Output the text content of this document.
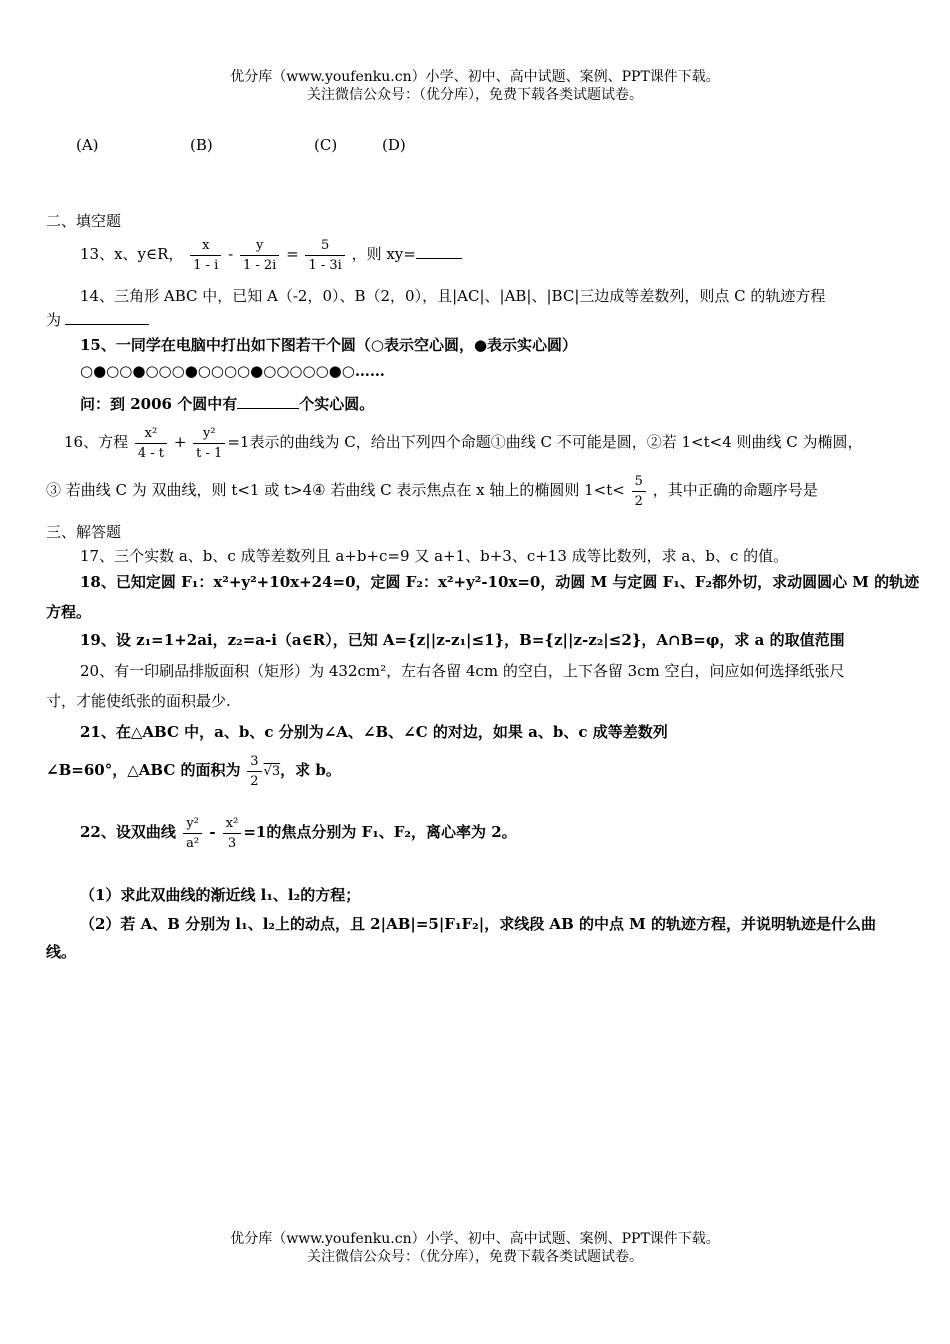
优分库（www.youfenku.cn）小学、初中、高中试题、案例、PPT课件下载。
关注微信公众号：（优分库），免费下载各类试题试卷。
(A)	(B)	(C)	(D)
二、填空题
13、x、y∈R， $\frac{x}{1 - i} - \frac{y}{1 - 2i} = \frac{5}{1 - 3i}$ ，则 xy=
14、三角形 ABC 中，已知 A（-2，0）、B（2，0），且|AC|、|AB|、|BC|三边成等差数列，则点 C 的轨迹方程
为
15、一同学在电脑中打出如下图若干个圆（○表示空心圆，●表示实心圆）
○●○○●○○○●○○○○●○○○○○●○……
问：到 2006 个圆中有	个实心圆。
16、方程 $\frac{\text{x²}}{4 - t} + \frac{\text{y²}}{t - 1} =1$表示的曲线为 C，给出下列四个命题①曲线 C 不可能是圆，②若 1<t<4 则曲线 C 为椭圆，
③ 若曲线 C 为 双曲线，则 t<1 或 t>4④ 若曲线 C 表示焦点在 x 轴上的椭圆则 $1<t< \frac{5}{2}$ ，其中正确的命题序号是
三、解答题
17、三个实数 a、b、c 成等差数列且 a+b+c=9 又 a+1、b+3、c+13 成等比数列，求 a、b、c 的值。
18、已知定圆 F₁：x²+y²+10x+24=0，定圆 F₂：x²+y²-10x=0，动圆 M 与定圆 F₁、F₂都外切，求动圆圆心 M 的轨迹
方程。
19、设 z₁=1+2ai，z₂=a-i（a∈R），已知 A={z||z-z₁|≤1}，B={z||z-z₂|≤2}，A∩B=φ，求 a 的取值范围
20、有一印刷品排版面积（矩形）为 432cm²，左右各留 4cm 的空白，上下各留 3cm 空白，问应如何选择纸张尺
寸，才能使纸张的面积最少.
21、在△ABC 中，a、b、c 分别为∠A、∠B、∠C 的对边，如果 a、b、c 成等差数列
∠B=60°，△ABC 的面积为 $\frac{3}{2} √3$，求 b。
22、设双曲线 $\frac{\text{y²}}{\text{a²}} - \frac{\text{x²}}{3} =1$的焦点分别为 F₁、F₂，离心率为 2。
（1）求此双曲线的渐近线 l₁、l₂的方程；
（2）若 A、B 分别为 l₁、l₂上的动点，且 2|AB|=5|F₁F₂|，求线段 AB 的中点 M 的轨迹方程，并说明轨迹是什么曲
线。
优分库（www.youfenku.cn）小学、初中、高中试题、案例、PPT课件下载。
关注微信公众号：（优分库），免费下载各类试题试卷。
